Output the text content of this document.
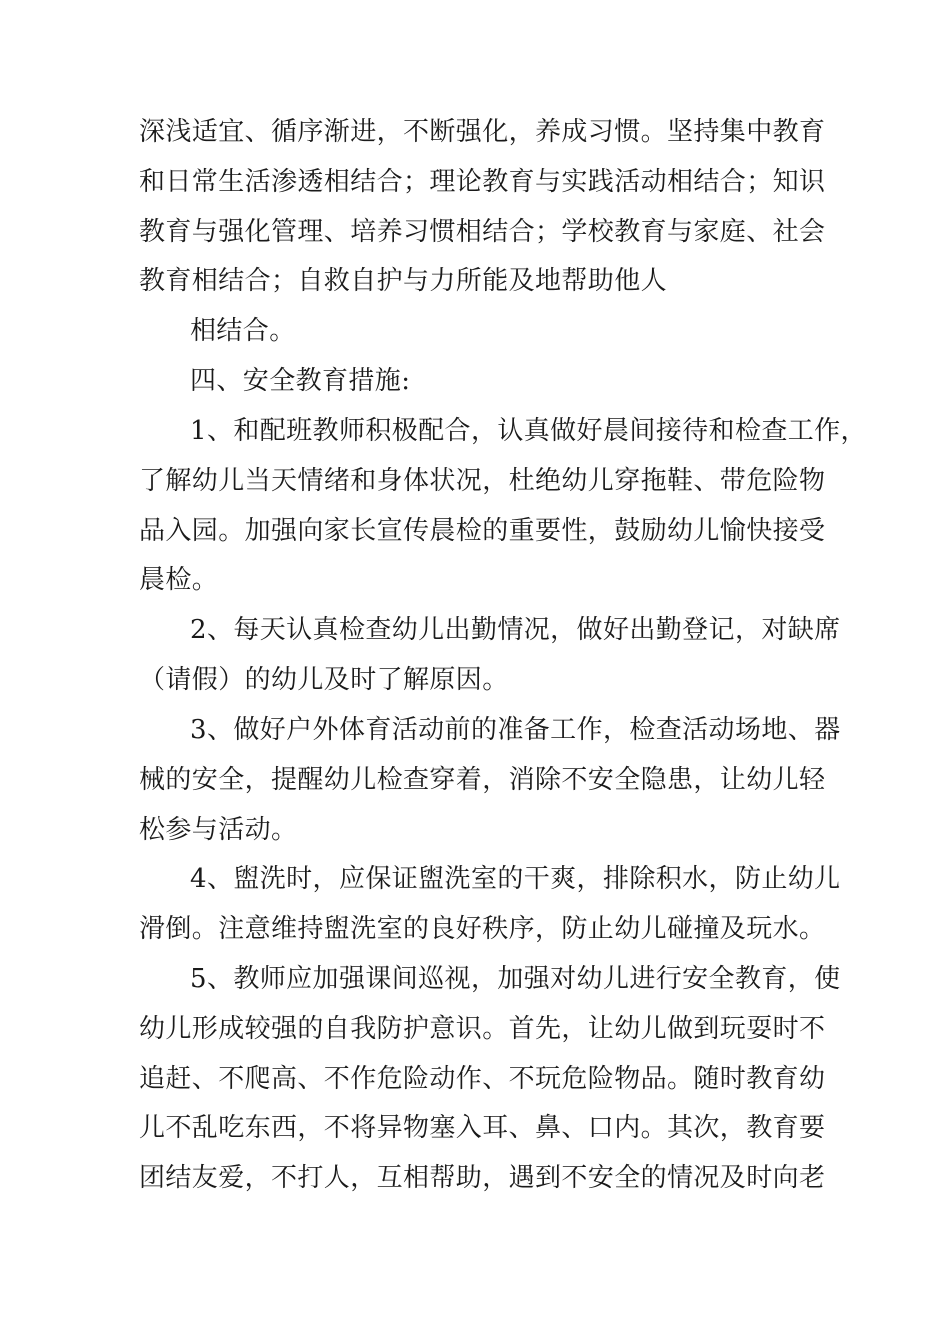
深浅适宜、循序渐进，不断强化，养成习惯。坚持集中教育
和日常生活渗透相结合；理论教育与实践活动相结合；知识
教育与强化管理、培养习惯相结合；学校教育与家庭、社会
教育相结合；自救自护与力所能及地帮助他人
相结合。
四、安全教育措施:
1、和配班教师积极配合，认真做好晨间接待和检查工作，
了解幼儿当天情绪和身体状况，杜绝幼儿穿拖鞋、带危险物
品入园。加强向家长宣传晨检的重要性，鼓励幼儿愉快接受
晨检。
2、每天认真检查幼儿出勤情况，做好出勤登记，对缺席
（请假）的幼儿及时了解原因。
3、做好户外体育活动前的准备工作，检查活动场地、器
械的安全，提醒幼儿检查穿着，消除不安全隐患，让幼儿轻
松参与活动。
4、盥洗时，应保证盥洗室的干爽，排除积水，防止幼儿
滑倒。注意维持盥洗室的良好秩序，防止幼儿碰撞及玩水。
5、教师应加强课间巡视，加强对幼儿进行安全教育，使
幼儿形成较强的自我防护意识。首先，让幼儿做到玩耍时不
追赶、不爬高、不作危险动作、不玩危险物品。随时教育幼
儿不乱吃东西，不将异物塞入耳、鼻、口内。其次，教育要
团结友爱，不打人，互相帮助，遇到不安全的情况及时向老
